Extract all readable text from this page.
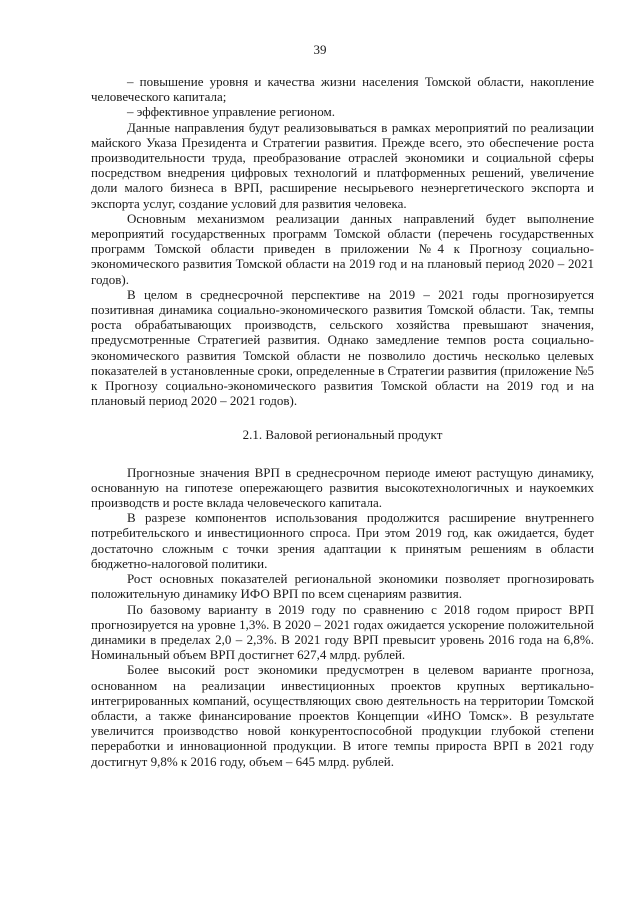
39

– повышение уровня и качества жизни населения Томской области, накопление человеческого капитала;

– эффективное управление регионом.

Данные направления будут реализовываться в рамках мероприятий по реализации майского Указа Президента и Стратегии развития. Прежде всего, это обеспечение роста производительности труда, преобразование отраслей экономики и социальной сферы посредством внедрения цифровых технологий и платформенных решений, увеличение доли малого бизнеса в ВРП, расширение несырьевого неэнергетического экспорта и экспорта услуг, создание условий для развития человека.

Основным механизмом реализации данных направлений будет выполнение мероприятий государственных программ Томской области (перечень государственных программ Томской области приведен в приложении №4 к Прогнозу социально-экономического развития Томской области на 2019 год и на плановый период 2020 – 2021 годов).

В целом в среднесрочной перспективе на 2019 – 2021 годы прогнозируется позитивная динамика социально-экономического развития Томской области. Так, темпы роста обрабатывающих производств, сельского хозяйства превышают значения, предусмотренные Стратегией развития. Однако замедление темпов роста социально-экономического развития Томской области не позволило достичь несколько целевых показателей в установленные сроки, определенные в Стратегии развития (приложение №5 к Прогнозу социально-экономического развития Томской области на 2019 год и на плановый период 2020 – 2021 годов).

2.1. Валовой региональный продукт

Прогнозные значения ВРП в среднесрочном периоде имеют растущую динамику, основанную на гипотезе опережающего развития высокотехнологичных и наукоемких производств и росте вклада человеческого капитала.

В разрезе компонентов использования продолжится расширение внутреннего потребительского и инвестиционного спроса. При этом 2019 год, как ожидается, будет достаточно сложным с точки зрения адаптации к принятым решениям в области бюджетно-налоговой политики.

Рост основных показателей региональной экономики позволяет прогнозировать положительную динамику ИФО ВРП по всем сценариям развития.

По базовому варианту в 2019 году по сравнению с 2018 годом прирост ВРП прогнозируется на уровне 1,3%. В 2020 – 2021 годах ожидается ускорение положительной динамики в пределах 2,0 – 2,3%. В 2021 году ВРП превысит уровень 2016 года на 6,8%. Номинальный объем ВРП достигнет 627,4 млрд. рублей.

Более высокий рост экономики предусмотрен в целевом варианте прогноза, основанном на реализации инвестиционных проектов крупных вертикально-интегрированных компаний, осуществляющих свою деятельность на территории Томской области, а также финансирование проектов Концепции «ИНО Томск». В результате увеличится производство новой конкурентоспособной продукции глубокой степени переработки и инновационной продукции. В итоге темпы прироста ВРП в 2021 году достигнут 9,8% к 2016 году, объем – 645 млрд. рублей.
